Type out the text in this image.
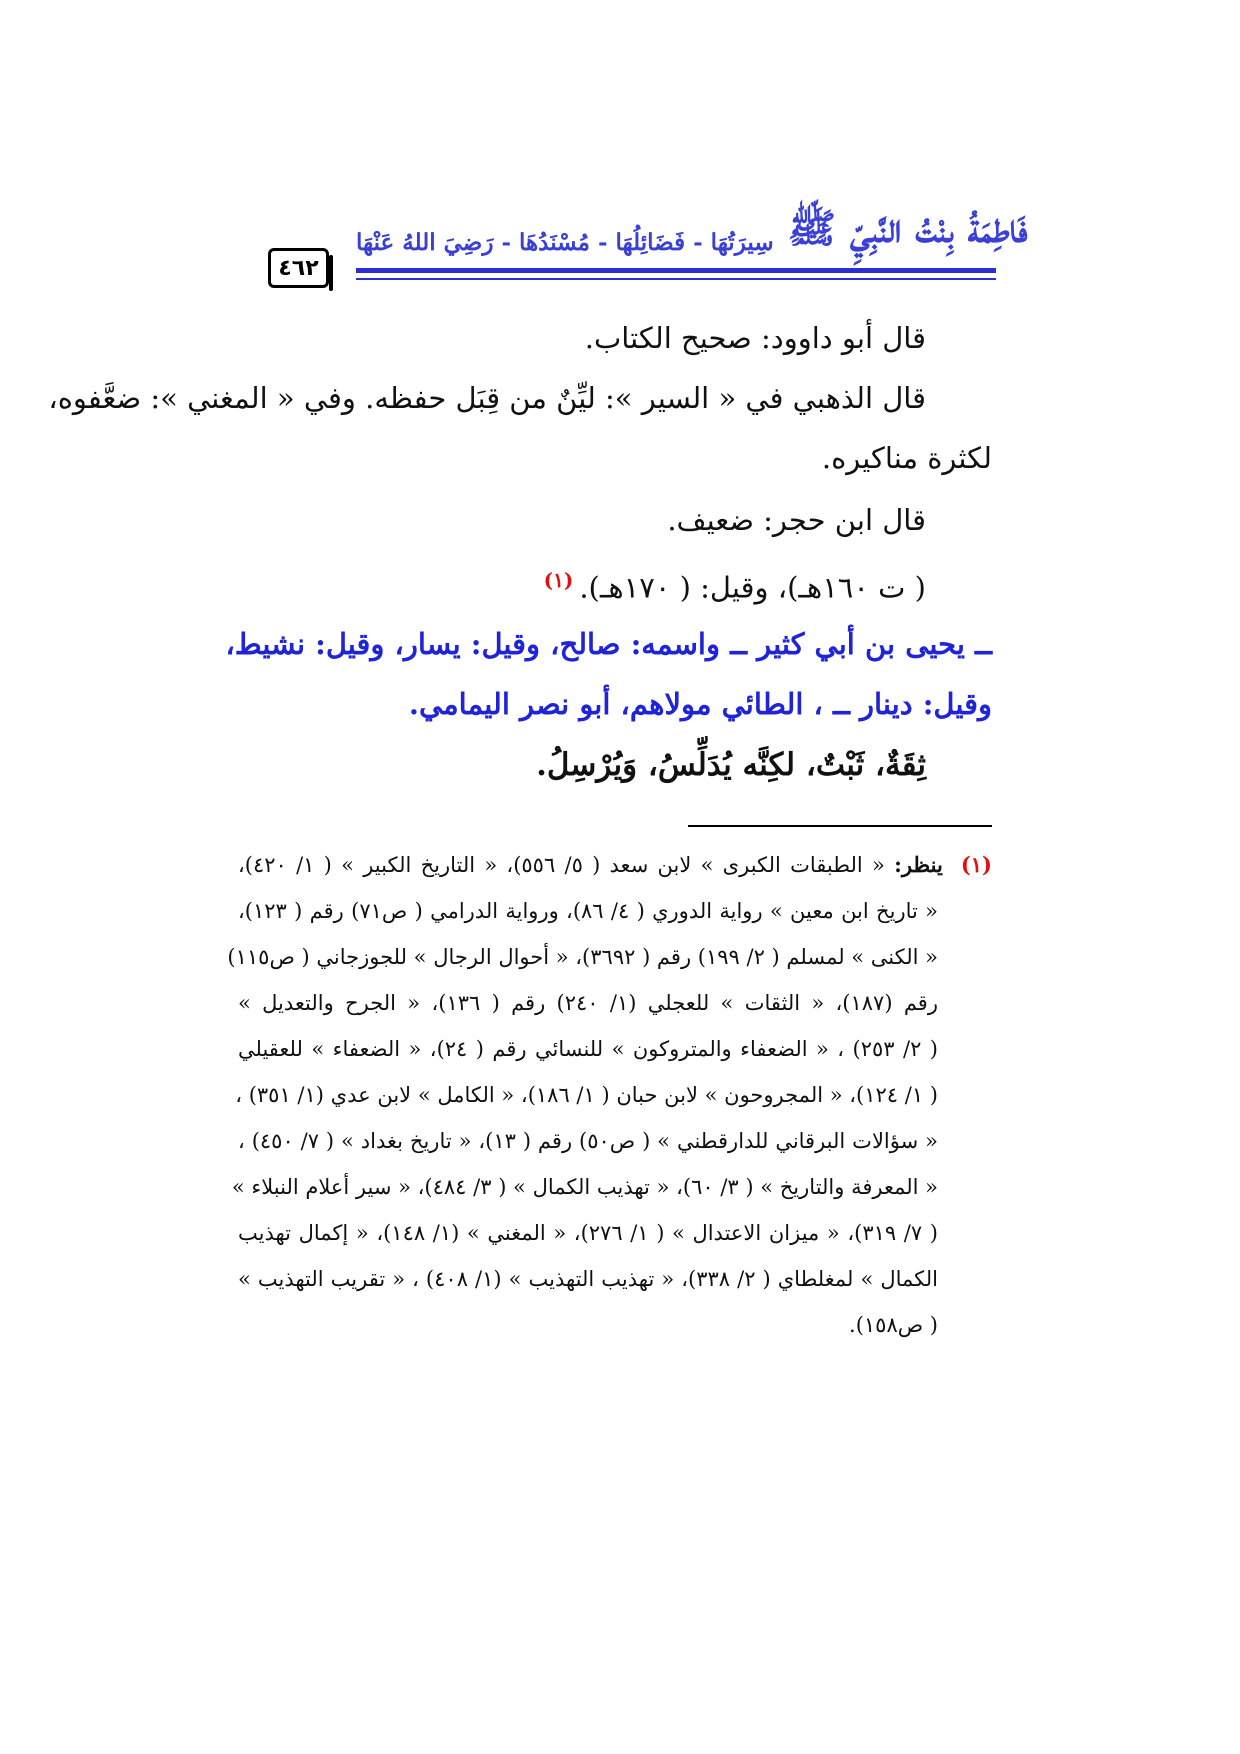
٤٦٢
فَاطِمَةُ بِنْتُ النَّبِيِّ ﷺ
سِيرَتُهَا - فَضَائِلُهَا - مُسْنَدُهَا - رَضِيَ اللهُ عَنْهَا
قال أبو داوود: صحيح الكتاب.
قال الذهبي في « السير »: ليِّنٌ من قِبَل حفظه. وفي « المغني »: ضعَّفوه،
لكثرة مناكيره.
قال ابن حجر: ضعيف.
( ت ١٦٠هـ)، وقيل: ( ١٧٠هـ).$^{(١)}$
ــ يحيى بن أبي كثير ــ واسمه: صالح، وقيل: يسار، وقيل: نشيط،
وقيل: دينار ــ ، الطائي مولاهم، أبو نصر اليمامي.
ثِقَةٌ، ثَبْتٌ، لكِنَّه يُدَلِّسُ، وَيُرْسِلُ.
(١)ينظر: « الطبقات الكبرى » لابن سعد ( ٥/ ٥٥٦)، « التاريخ الكبير » ( ١/ ٤٢٠)،
« تاريخ ابن معين » رواية الدوري ( ٤/ ٨٦)، ورواية الدرامي ( ص٧١) رقم ( ١٢٣)،
« الكنى » لمسلم ( ٢/ ١٩٩) رقم ( ٣٦٩٢)، « أحوال الرجال » للجوزجاني ( ص١١٥)
رقم (١٨٧)، « الثقات » للعجلي (١/ ٢٤٠) رقم ( ١٣٦)، « الجرح والتعديل »
( ٢/ ٢٥٣) ، « الضعفاء والمتروكون » للنسائي رقم ( ٢٤)، « الضعفاء » للعقيلي
( ١/ ١٢٤)، « المجروحون » لابن حبان ( ١/ ١٨٦)، « الكامل » لابن عدي (١/ ٣٥١) ،
« سؤالات البرقاني للدارقطني » ( ص٥٠) رقم ( ١٣)، « تاريخ بغداد » ( ٧/ ٤٥٠) ،
« المعرفة والتاريخ » ( ٣/ ٦٠)، « تهذيب الكمال » ( ٣/ ٤٨٤)، « سير أعلام النبلاء »
( ٧/ ٣١٩)، « ميزان الاعتدال » ( ١/ ٢٧٦)، « المغني » (١/ ١٤٨)، « إكمال تهذيب
الكمال » لمغلطاي ( ٢/ ٣٣٨)، « تهذيب التهذيب » (١/ ٤٠٨) ، « تقريب التهذيب »
( ص١٥٨).
